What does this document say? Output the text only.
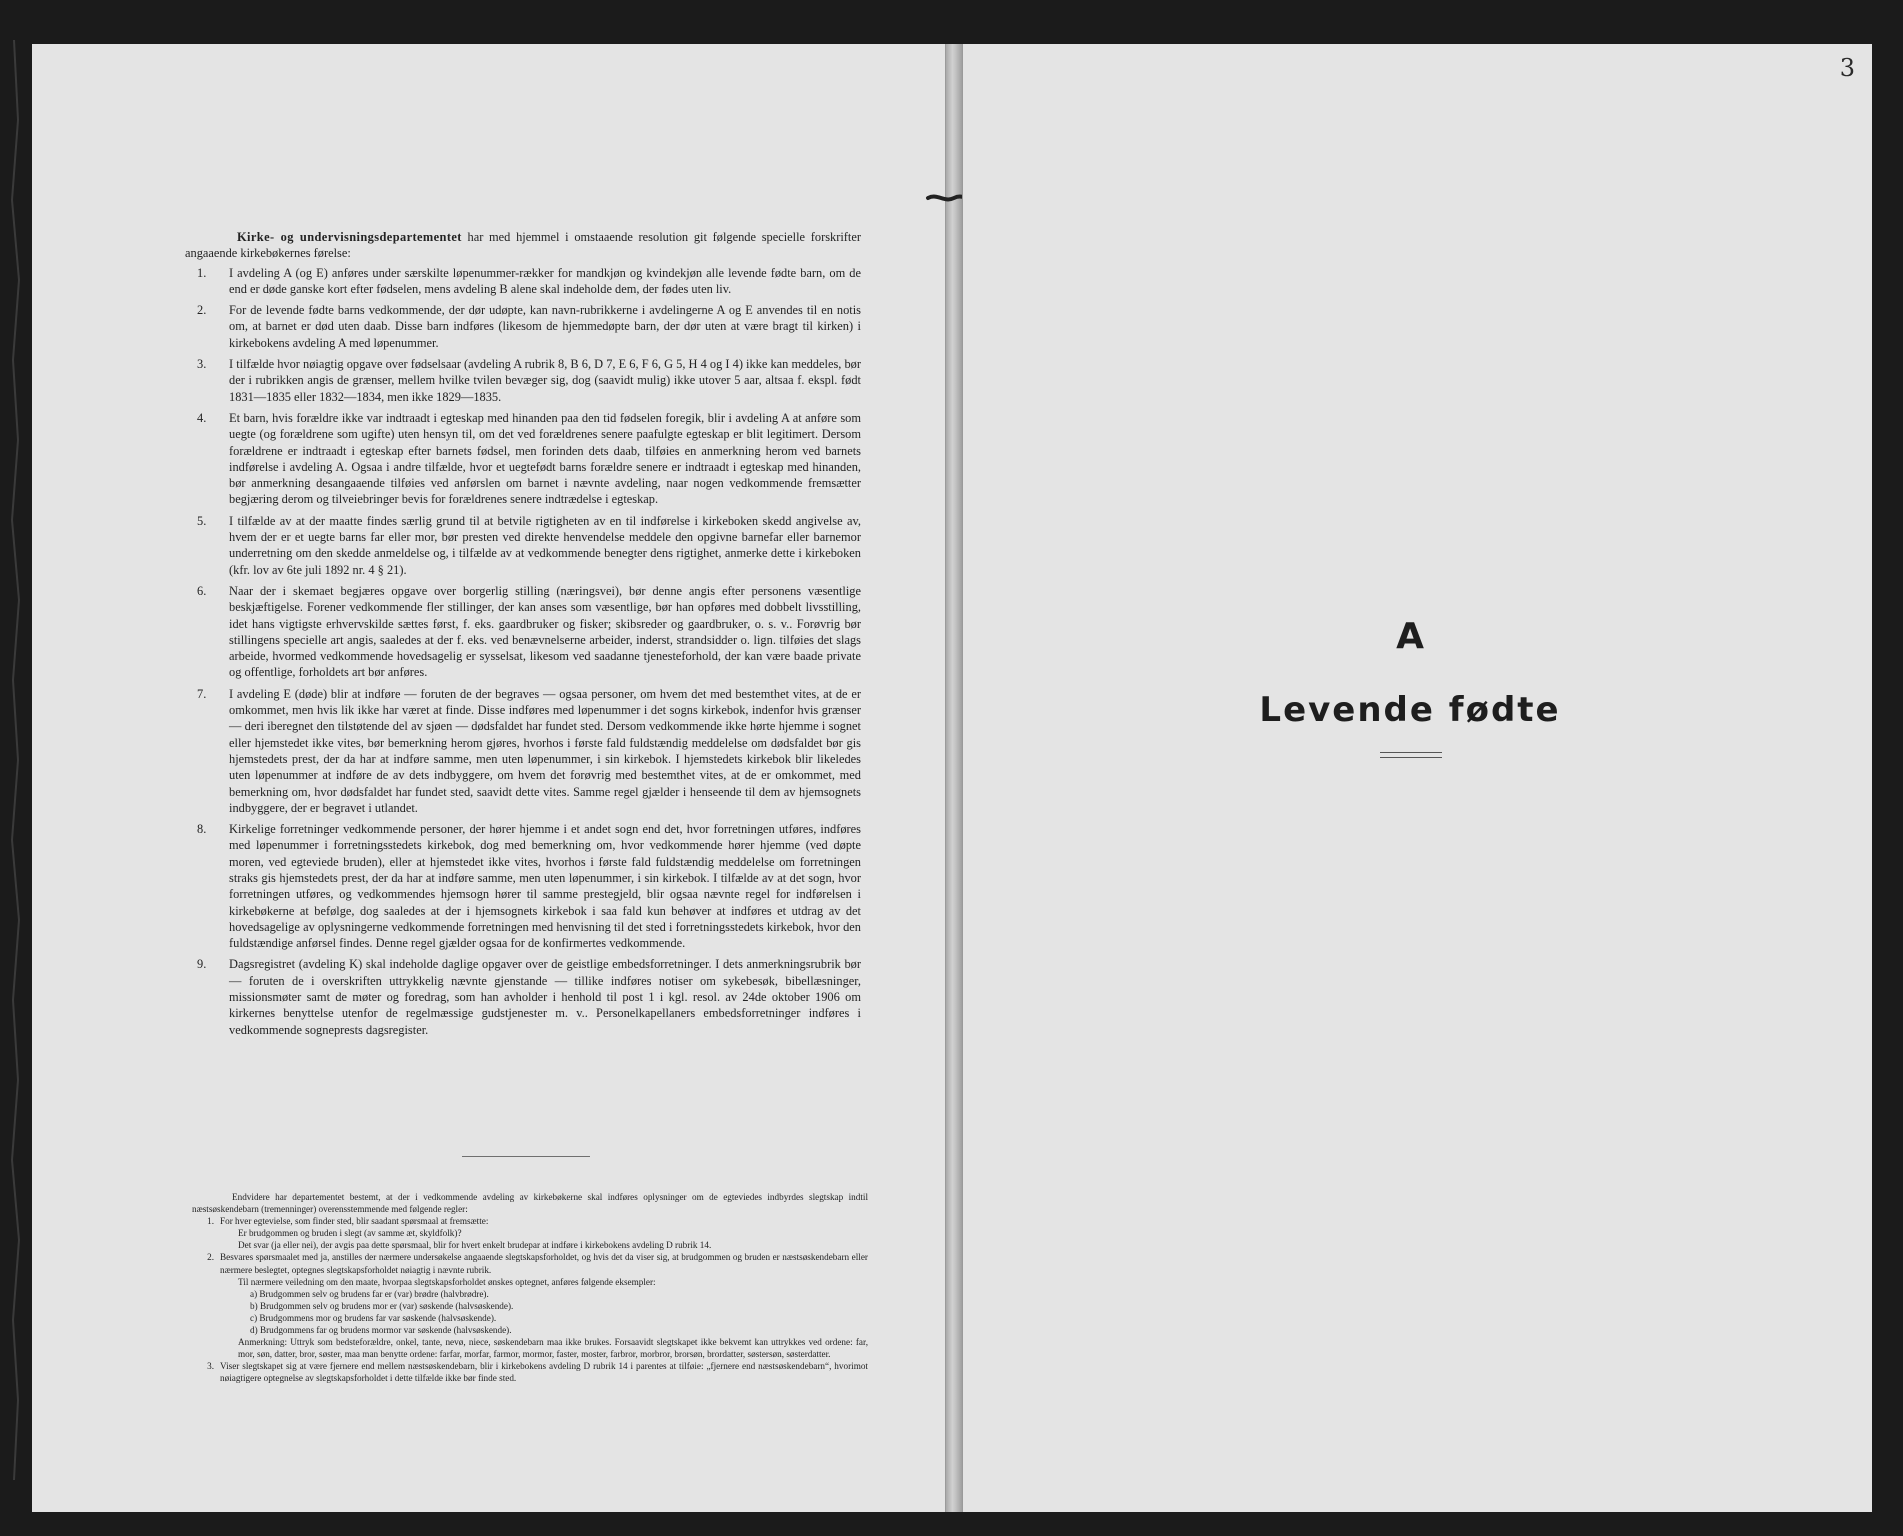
Kirke- og undervisningsdepartementet har med hjemmel i omstaaende resolution git følgende specielle forskrifter angaaende kirkebøkernes førelse:

1.	I avdeling A (og E) anføres under særskilte løpenummer-rækker for mandkjøn og kvindekjøn alle levende fødte barn, om de end er døde ganske kort efter fødselen, mens avdeling B alene skal indeholde dem, der fødes uten liv.
2.	For de levende fødte barns vedkommende, der dør udøpte, kan navn-rubrikkerne i avdelingerne A og E anvendes til en notis om, at barnet er død uten daab. Disse barn indføres (likesom de hjemmedøpte barn, der dør uten at være bragt til kirken) i kirkebokens avdeling A med løpenummer.
3.	I tilfælde hvor nøiagtig opgave over fødselsaar (avdeling A rubrik 8, B 6, D 7, E 6, F 6, G 5, H 4 og I 4) ikke kan meddeles, bør der i rubrikken angis de grænser, mellem hvilke tvilen bevæger sig, dog (saavidt mulig) ikke utover 5 aar, altsaa f. ekspl. født 1831—1835 eller 1832—1834, men ikke 1829—1835.
4.	Et barn, hvis forældre ikke var indtraadt i egteskap med hinanden paa den tid fødselen foregik, blir i avdeling A at anføre som uegte (og forældrene som ugifte) uten hensyn til, om det ved forældrenes senere paafulgte egteskap er blit legitimert. Dersom forældrene er indtraadt i egteskap efter barnets fødsel, men forinden dets daab, tilføies en anmerkning herom ved barnets indførelse i avdeling A. Ogsaa i andre tilfælde, hvor et uegtefødt barns forældre senere er indtraadt i egteskap med hinanden, bør anmerkning desangaaende tilføies ved anførslen om barnet i nævnte avdeling, naar nogen vedkommende fremsætter begjæring derom og tilveiebringer bevis for forældrenes senere indtrædelse i egteskap.
5.	I tilfælde av at der maatte findes særlig grund til at betvile rigtigheten av en til indførelse i kirkeboken skedd angivelse av, hvem der er et uegte barns far eller mor, bør presten ved direkte henvendelse meddele den opgivne barnefar eller barnemor underretning om den skedde anmeldelse og, i tilfælde av at vedkommende benegter dens rigtighet, anmerke dette i kirkeboken (kfr. lov av 6te juli 1892 nr. 4 § 21).
6.	Naar der i skemaet begjæres opgave over borgerlig stilling (næringsvei), bør denne angis efter personens væsentlige beskjæftigelse. Forener vedkommende fler stillinger, der kan anses som væsentlige, bør han opføres med dobbelt livsstilling, idet hans vigtigste erhvervskilde sættes først, f. eks. gaardbruker og fisker; skibsreder og gaardbruker, o. s. v.. Forøvrig bør stillingens specielle art angis, saaledes at der f. eks. ved benævnelserne arbeider, inderst, strandsidder o. lign. tilføies det slags arbeide, hvormed vedkommende hovedsagelig er sysselsat, likesom ved saadanne tjenesteforhold, der kan være baade private og offentlige, forholdets art bør anføres.
7.	I avdeling E (døde) blir at indføre — foruten de der begraves — ogsaa personer, om hvem det med bestemthet vites, at de er omkommet, men hvis lik ikke har været at finde. Disse indføres med løpenummer i det sogns kirkebok, indenfor hvis grænser — deri iberegnet den tilstøtende del av sjøen — dødsfaldet har fundet sted. Dersom vedkommende ikke hørte hjemme i sognet eller hjemstedet ikke vites, bør bemerkning herom gjøres, hvorhos i første fald fuldstændig meddelelse om dødsfaldet bør gis hjemstedets prest, der da har at indføre samme, men uten løpenummer, i sin kirkebok. I hjemstedets kirkebok blir likeledes uten løpenummer at indføre de av dets indbyggere, om hvem det forøvrig med bestemthet vites, at de er omkommet, med bemerkning om, hvor dødsfaldet har fundet sted, saavidt dette vites. Samme regel gjælder i henseende til dem av hjemsognets indbyggere, der er begravet i utlandet.
8.	Kirkelige forretninger vedkommende personer, der hører hjemme i et andet sogn end det, hvor forretningen utføres, indføres med løpenummer i forretningsstedets kirkebok, dog med bemerkning om, hvor vedkommende hører hjemme (ved døpte moren, ved egteviede bruden), eller at hjemstedet ikke vites, hvorhos i første fald fuldstændig meddelelse om forretningen straks gis hjemstedets prest, der da har at indføre samme, men uten løpenummer, i sin kirkebok. I tilfælde av at det sogn, hvor forretningen utføres, og vedkommendes hjemsogn hører til samme prestegjeld, blir ogsaa nævnte regel for indførelsen i kirkebøkerne at befølge, dog saaledes at der i hjemsognets kirkebok i saa fald kun behøver at indføres et utdrag av det hovedsagelige av oplysningerne vedkommende forretningen med henvisning til det sted i forretningsstedets kirkebok, hvor den fuldstændige anførsel findes. Denne regel gjælder ogsaa for de konfirmertes vedkommende.
9.	Dagsregistret (avdeling K) skal indeholde daglige opgaver over de geistlige embedsforretninger. I dets anmerkningsrubrik bør — foruten de i overskriften uttrykkelig nævnte gjenstande — tillike indføres notiser om sykebesøk, bibellæsninger, missionsmøter samt de møter og foredrag, som han avholder i henhold til post 1 i kgl. resol. av 24de oktober 1906 om kirkernes benyttelse utenfor de regelmæssige gudstjenester m. v.. Personelkapellaners embedsforretninger indføres i vedkommende sogneprests dagsregister.

Endvidere har departementet bestemt, at der i vedkommende avdeling av kirkebøkerne skal indføres oplysninger om de egteviedes indbyrdes slegtskap indtil næstsøskendebarn (tremenninger) overensstemmende med følgende regler:

1. For hver egtevielse, som finder sted, blir saadant spørsmaal at fremsætte:

Er brudgommen og bruden i slegt (av samme æt, skyldfolk)?

Det svar (ja eller nei), der avgis paa dette spørsmaal, blir for hvert enkelt brudepar at indføre i kirkebokens avdeling D rubrik 14.

2. Besvares spørsmaalet med ja, anstilles der nærmere undersøkelse angaaende slegtskapsforholdet, og hvis det da viser sig, at brudgommen og bruden er næstsøskendebarn eller nærmere beslegtet, optegnes slegtskapsforholdet nøiagtig i nævnte rubrik.

Til nærmere veiledning om den maate, hvorpaa slegtskapsforholdet ønskes optegnet, anføres følgende eksempler:

a) Brudgommen selv og brudens far er (var) brødre (halvbrødre).

b) Brudgommen selv og brudens mor er (var) søskende (halvsøskende).

c) Brudgommens mor og brudens far var søskende (halvsøskende).

d) Brudgommens far og brudens mormor var søskende (halvsøskende).

Anmerkning: Uttryk som bedsteforældre, onkel, tante, nevø, niece, søskendebarn maa ikke brukes. Forsaavidt slegtskapet ikke bekvemt kan uttrykkes ved ordene: far, mor, søn, datter, bror, søster, maa man benytte ordene: farfar, morfar, farmor, mormor, faster, moster, farbror, morbror, brorsøn, brordatter, søstersøn, søsterdatter.

3. Viser slegtskapet sig at være fjernere end mellem næstsøskendebarn, blir i kirkebokens avdeling D rubrik 14 i parentes at tilføie: „fjernere end næstsøskendebarn“, hvorimot nøiagtigere optegnelse av slegtskapsforholdet i dette tilfælde ikke bør finde sted.
3
A
Levende fødte
